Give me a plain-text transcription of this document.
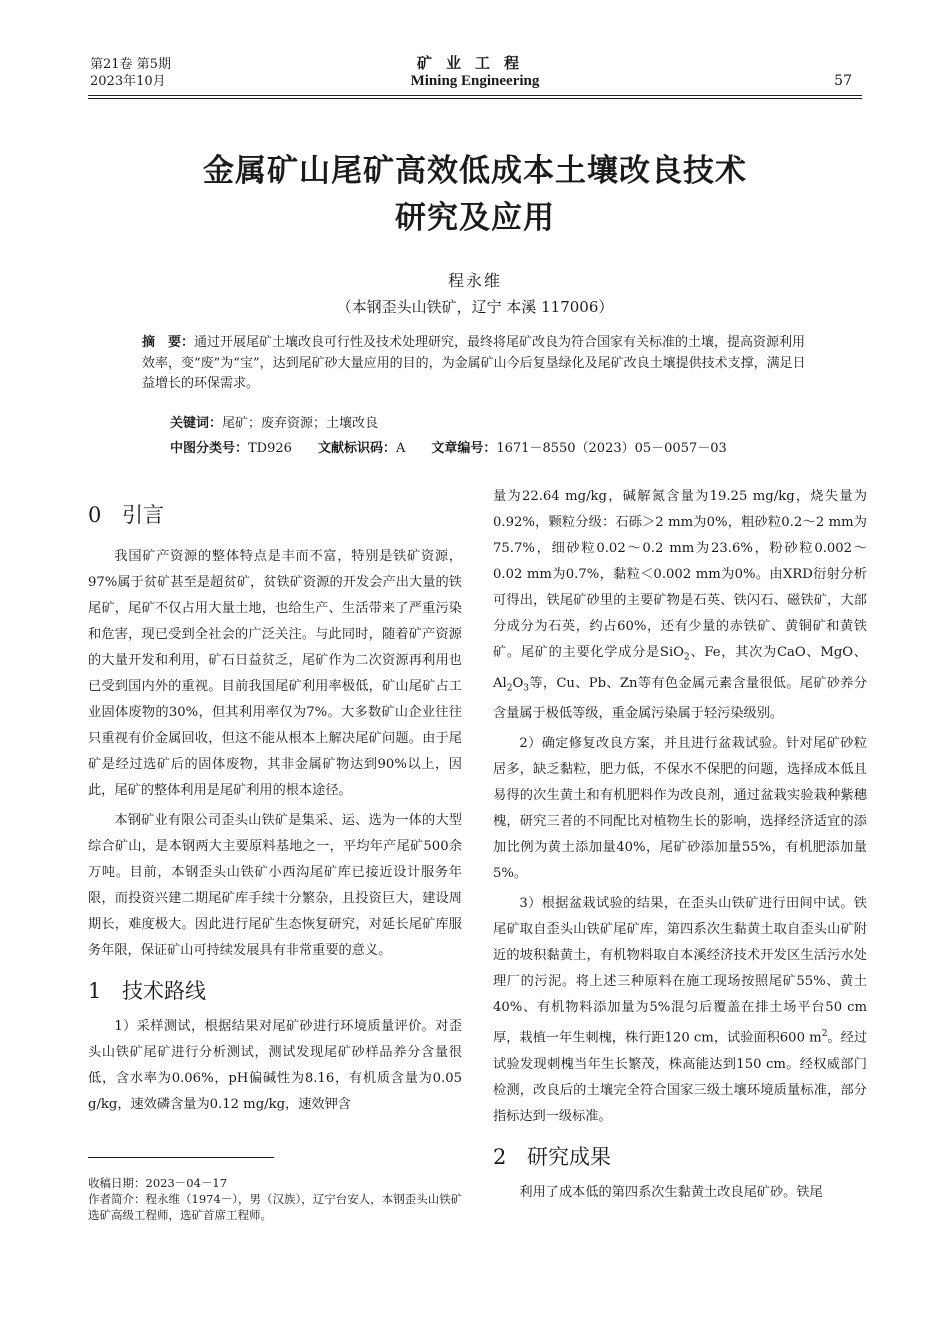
第21卷 第5期
2023年10月
矿业工程
Mining Engineering	57
金属矿山尾矿高效低成本土壤改良技术
研究及应用
程永维
（本钢歪头山铁矿，辽宁 本溪 117006）
摘　要：通过开展尾矿土壤改良可行性及技术处理研究，最终将尾矿改良为符合国家有关标准的土壤，提高资源利用效率，变“废”为“宝”，达到尾矿砂大量应用的目的，为金属矿山今后复垦绿化及尾矿改良土壤提供技术支撑，满足日益增长的环保需求。
关键词：尾矿；废弃资源；土壤改良
中图分类号：TD926 文献标识码：A 文章编号：1671－8550（2023）05－0057－03
0 引言

我国矿产资源的整体特点是丰而不富，特别是铁矿资源，97%属于贫矿甚至是超贫矿，贫铁矿资源的开发会产出大量的铁尾矿，尾矿不仅占用大量土地，也给生产、生活带来了严重污染和危害，现已受到全社会的广泛关注。与此同时，随着矿产资源的大量开发和利用，矿石日益贫乏，尾矿作为二次资源再利用也已受到国内外的重视。目前我国尾矿利用率极低，矿山尾矿占工业固体废物的30%，但其利用率仅为7%。大多数矿山企业往往只重视有价金属回收，但这不能从根本上解决尾矿问题。由于尾矿是经过选矿后的固体废物，其非金属矿物达到90%以上，因此，尾矿的整体利用是尾矿利用的根本途径。

本钢矿业有限公司歪头山铁矿是集采、运、选为一体的大型综合矿山，是本钢两大主要原料基地之一，平均年产尾矿500余万吨。目前，本钢歪头山铁矿小西沟尾矿库已接近设计服务年限，而投资兴建二期尾矿库手续十分繁杂，且投资巨大，建设周期长，难度极大。因此进行尾矿生态恢复研究，对延长尾矿库服务年限，保证矿山可持续发展具有非常重要的意义。

1 技术路线

1）采样测试，根据结果对尾矿砂进行环境质量评价。对歪头山铁矿尾矿进行分析测试，测试发现尾矿砂样品养分含量很低，含水率为0.06%，pH偏碱性为8.16，有机质含量为0.05 g/kg，速效磷含量为0.12 mg/kg，速效钾含

量为22.64 mg/kg，碱解氮含量为19.25 mg/kg，烧失量为0.92%，颗粒分级：石砾＞2 mm为0%，粗砂粒0.2～2 mm为75.7%，细砂粒0.02～0.2 mm为23.6%，粉砂粒0.002～0.02 mm为0.7%，黏粒＜0.002 mm为0%。由XRD衍射分析可得出，铁尾矿砂里的主要矿物是石英、铁闪石、磁铁矿，大部分成分为石英，约占60%，还有少量的赤铁矿、黄铜矿和黄铁矿。尾矿的主要化学成分是SiO$_2$、Fe，其次为CaO、MgO、$Al_2O_3$等，Cu、Pb、Zn等有色金属元素含量很低。尾矿砂养分含量属于极低等级，重金属污染属于轻污染级别。

2）确定修复改良方案，并且进行盆栽试验。针对尾矿砂粒居多，缺乏黏粒，肥力低，不保水不保肥的问题，选择成本低且易得的次生黄土和有机肥料作为改良剂，通过盆栽实验栽种紫穗槐，研究三者的不同配比对植物生长的影响，选择经济适宜的添加比例为黄土添加量40%，尾矿砂添加量55%，有机肥添加量5%。

3）根据盆栽试验的结果，在歪头山铁矿进行田间中试。铁尾矿取自歪头山铁矿尾矿库，第四系次生黏黄土取自歪头山矿附近的坡积黏黄土，有机物料取自本溪经济技术开发区生活污水处理厂的污泥。将上述三种原料在施工现场按照尾矿55%、黄土40%、有机物料添加量为5%混匀后覆盖在排土场平台50 cm厚，栽植一年生刺槐，株行距120 cm，试验面积600 $m^2$。经过试验发现刺槐当年生长繁茂，株高能达到150 cm。经权威部门检测，改良后的土壤完全符合国家三级土壤环境质量标准，部分指标达到一级标准。

2 研究成果

利用了成本低的第四系次生黏黄土改良尾矿砂。铁尾

收稿日期：2023－04－17

作者简介：程永维（1974－），男（汉族），辽宁台安人，本钢歪头山铁矿选矿高级工程师，选矿首席工程师。
